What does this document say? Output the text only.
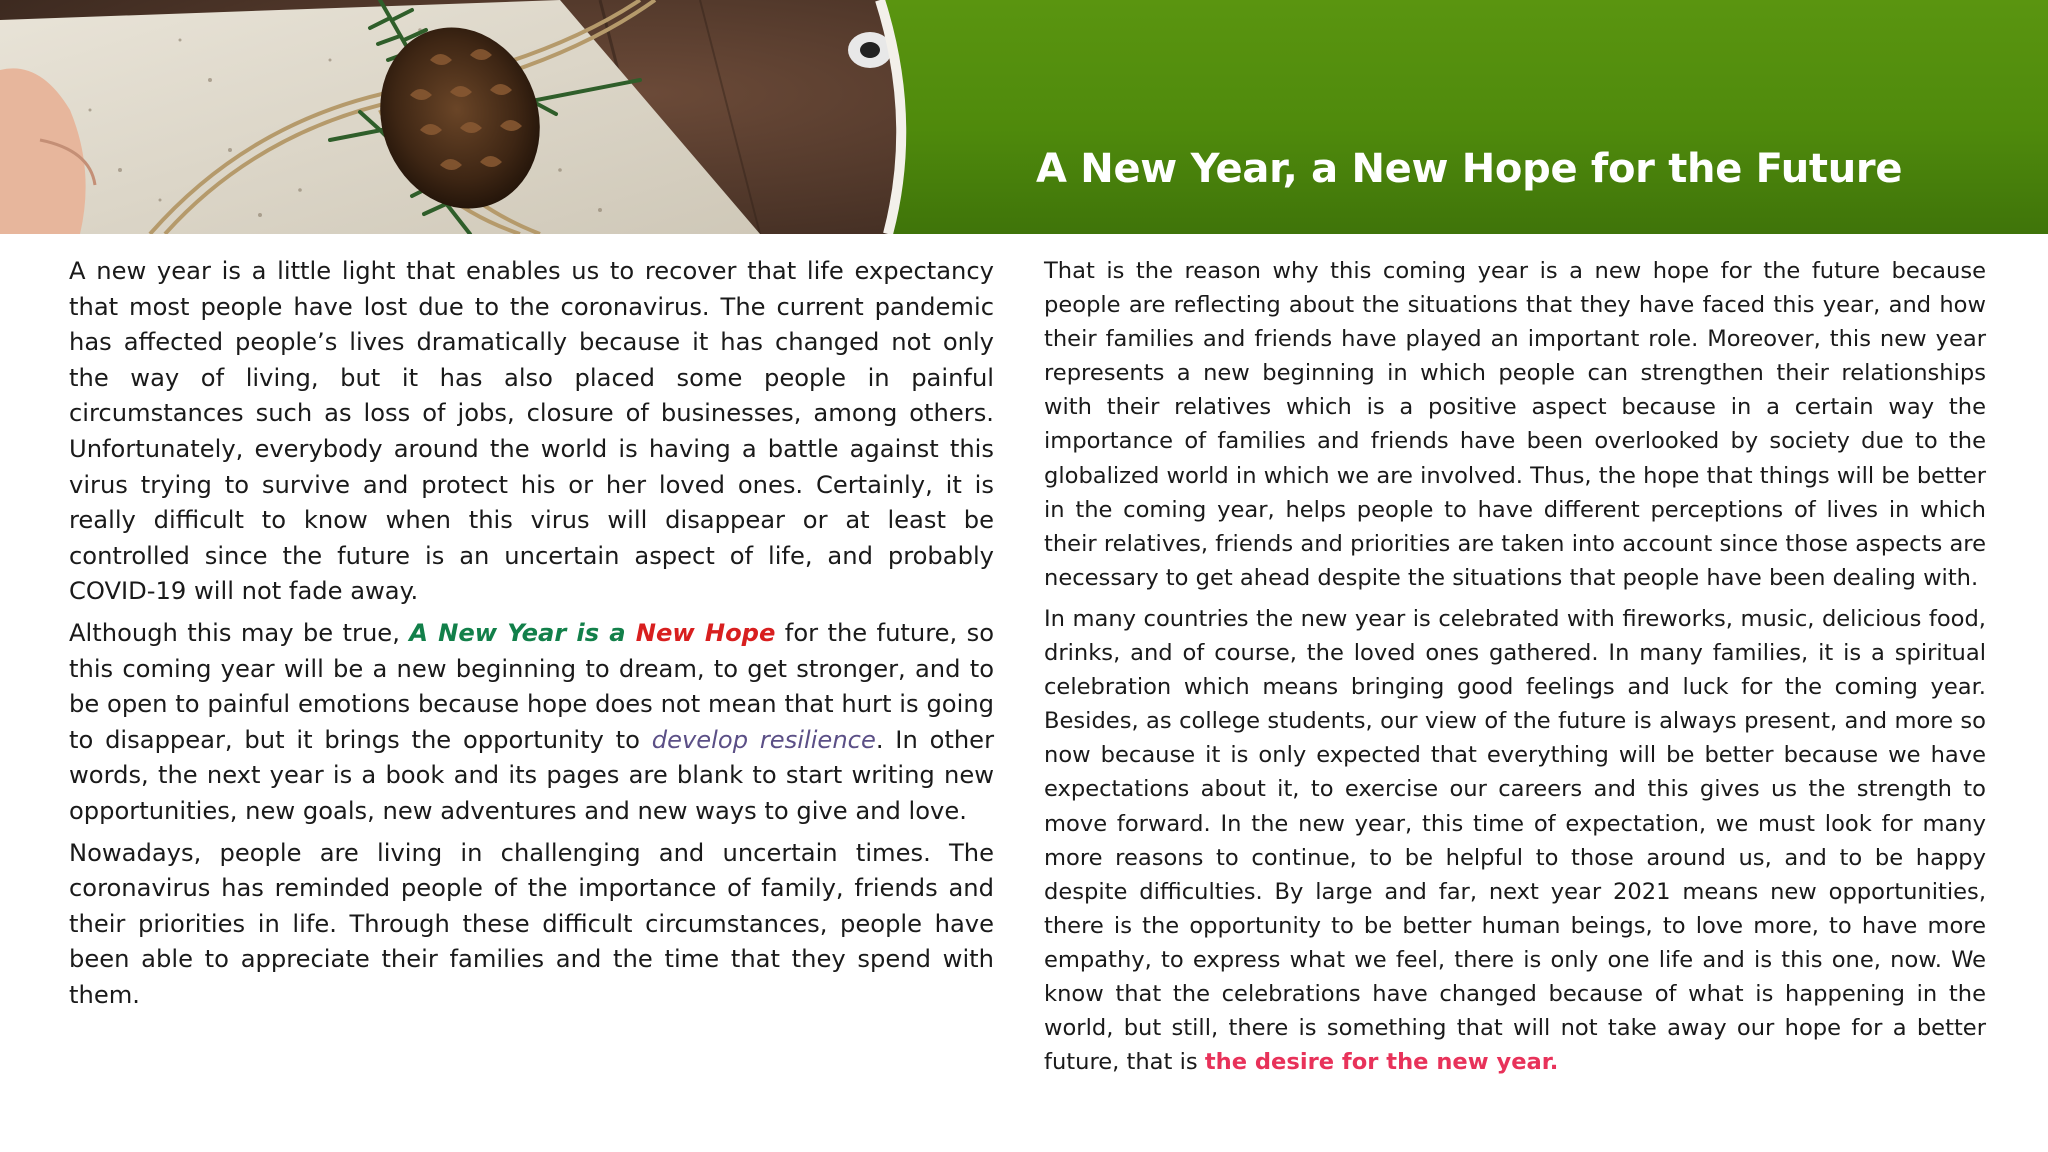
A New Year, a New Hope for the Future

A new year is a little light that enables us to recover that life expectancy that most people have lost due to the coronavirus. The current pandemic has affected people’s lives dramatically because it has changed not only the way of living, but it has also placed some people in painful circumstances such as loss of jobs, closure of businesses, among others. Unfortunately, everybody around the world is having a battle against this virus trying to survive and protect his or her loved ones. Certainly, it is really difficult to know when this virus will disappear or at least be controlled since the future is an uncertain aspect of life, and probably COVID-19 will not fade away.

Although this may be true, A New Year is a New Hope for the future, so this coming year will be a new beginning to dream, to get stronger, and to be open to painful emotions because hope does not mean that hurt is going to disappear, but it brings the opportunity to develop resilience. In other words, the next year is a book and its pages are blank to start writing new opportunities, new goals, new adventures and new ways to give and love.

Nowadays, people are living in challenging and uncertain times. The coronavirus has reminded people of the importance of family, friends and their priorities in life. Through these difficult circumstances, people have been able to appreciate their families and the time that they spend with them.

That is the reason why this coming year is a new hope for the future because people are reflecting about the situations that they have faced this year, and how their families and friends have played an important role. Moreover, this new year represents a new beginning in which people can strengthen their relationships with their relatives which is a positive aspect because in a certain way the importance of families and friends have been overlooked by society due to the globalized world in which we are involved. Thus, the hope that things will be better in the coming year, helps people to have different perceptions of lives in which their relatives, friends and priorities are taken into account since those aspects are necessary to get ahead despite the situations that people have been dealing with.

In many countries the new year is celebrated with fireworks, music, delicious food, drinks, and of course, the loved ones gathered. In many families, it is a spiritual celebration which means bringing good feelings and luck for the coming year. Besides, as college students, our view of the future is always present, and more so now because it is only expected that everything will be better because we have expectations about it, to exercise our careers and this gives us the strength to move forward. In the new year, this time of expectation, we must look for many more reasons to continue, to be helpful to those around us, and to be happy despite difficulties. By large and far, next year 2021 means new opportunities, there is the opportunity to be better human beings, to love more, to have more empathy, to express what we feel, there is only one life and is this one, now. We know that the celebrations have changed because of what is happening in the world, but still, there is something that will not take away our hope for a better future, that is the desire for the new year.
